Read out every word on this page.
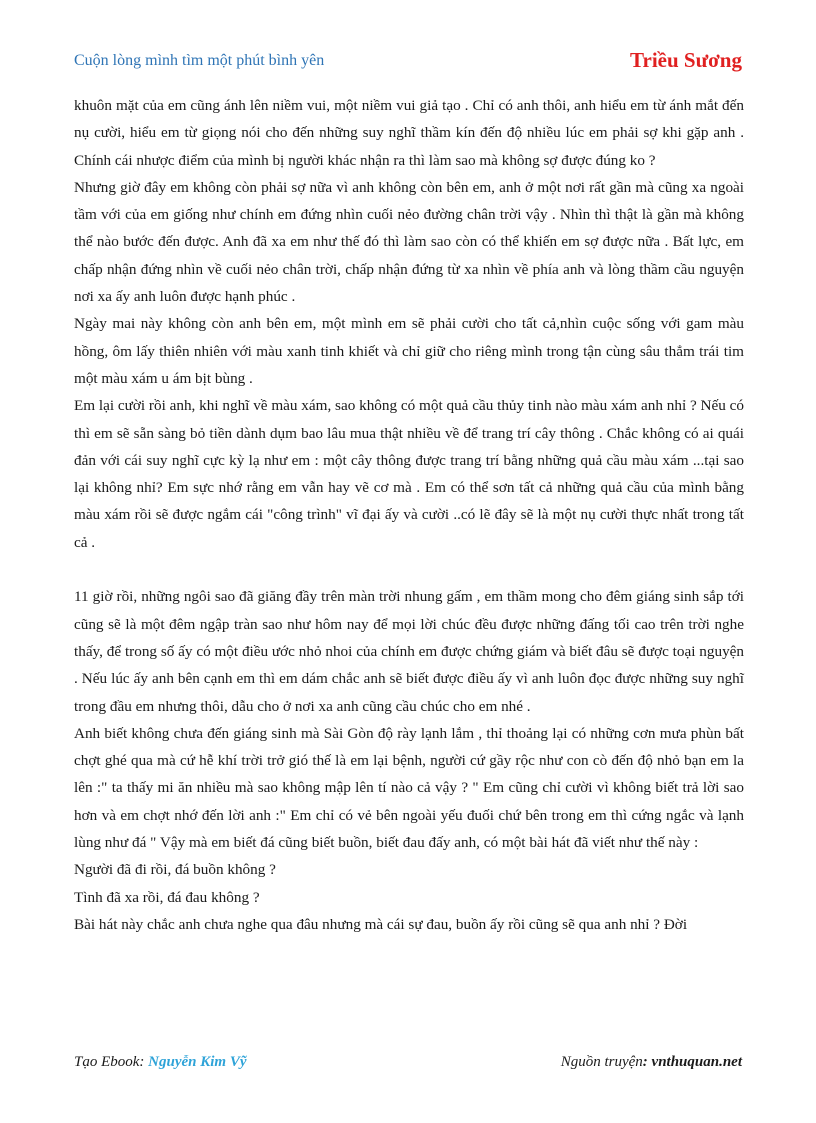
Cuộn lòng mình tìm một phút bình yên	Triều Sương

khuôn mặt của em cũng ánh lên niềm vui, một niềm vui giả tạo . Chỉ có anh thôi, anh hiểu em từ ánh mắt đến nụ cười, hiểu em từ giọng nói cho đến những suy nghĩ thầm kín đến độ nhiều lúc em phải sợ khi gặp anh . Chính cái nhược điểm của mình bị người khác nhận ra thì làm sao mà không sợ được đúng ko ?

Nhưng giờ đây em không còn phải sợ nữa vì anh không còn bên em, anh ở một nơi rất gần mà cũng xa ngoài tầm với của em giống như chính em đứng nhìn cuối nẻo đường chân trời vậy . Nhìn thì thật là gần mà không thể nào bước đến được. Anh đã xa em như thế đó thì làm sao còn có thể khiến em sợ được nữa . Bất lực, em chấp nhận đứng nhìn về cuối nẻo chân trời, chấp nhận đứng từ xa nhìn về phía anh và lòng thầm cầu nguyện nơi xa ấy anh luôn được hạnh phúc .

Ngày mai này không còn anh bên em, một mình em sẽ phải cười cho tất cả,nhìn cuộc sống với gam màu hồng, ôm lấy thiên nhiên với màu xanh tinh khiết và chỉ giữ cho riêng mình trong tận cùng sâu thẳm trái tim một màu xám u ám bịt bùng .

Em lại cười rồi anh, khi nghĩ về màu xám, sao không có một quả cầu thủy tinh nào màu xám anh nhỉ ? Nếu có thì em sẽ sẵn sàng bỏ tiền dành dụm bao lâu mua thật nhiều về để trang trí cây thông . Chắc không có ai quái đản với cái suy nghĩ cực kỳ lạ như em : một cây thông được trang trí bằng những quả cầu màu xám ...tại sao lại không nhỉ? Em sực nhớ rằng em vẫn hay vẽ cơ mà . Em có thể sơn tất cả những quả cầu của mình bằng màu xám rồi sẽ được ngắm cái "công trình" vĩ đại ấy và cười ..có lẽ đây sẽ là một nụ cười thực nhất trong tất cả .

11 giờ rồi, những ngôi sao đã giăng đầy trên màn trời nhung gấm , em thầm mong cho đêm giáng sinh sắp tới cũng sẽ là một đêm ngập tràn sao như hôm nay để mọi lời chúc đều được những đấng tối cao trên trời nghe thấy, để trong số ấy có một điều ước nhỏ nhoi của chính em được chứng giám và biết đâu sẽ được toại nguyện . Nếu lúc ấy anh bên cạnh em thì em dám chắc anh sẽ biết được điều ấy vì anh luôn đọc được những suy nghĩ trong đầu em nhưng thôi, dẫu cho ở nơi xa anh cũng cầu chúc cho em nhé .

Anh biết không chưa đến giáng sinh mà Sài Gòn độ rày lạnh lắm , thỉ thoảng lại có những cơn mưa phùn bất chợt ghé qua mà cứ hễ khí trời trở gió thế là em lại bệnh, người cứ gầy rộc như con cò đến độ nhỏ bạn em la lên :" ta thấy mi ăn nhiều mà sao không mập lên tí nào cả vậy ? " Em cũng chỉ cười vì không biết trả lời sao hơn và em chợt nhớ đến lời anh :" Em chỉ có vẻ bên ngoài yếu đuối chứ bên trong em thì cứng ngắc và lạnh lùng như đá " Vậy mà em biết đá cũng biết buồn, biết đau đấy anh, có một bài hát đã viết như thế này :

Người đã đi rồi, đá buồn không ?

Tình đã xa rồi, đá đau không ?

Bài hát này chắc anh chưa nghe qua đâu nhưng mà cái sự đau, buồn ấy rồi cũng sẽ qua anh nhỉ ? Đời

Tạo Ebook: Nguyễn Kim Vỹ	Nguồn truyện: vnthuquan.net
